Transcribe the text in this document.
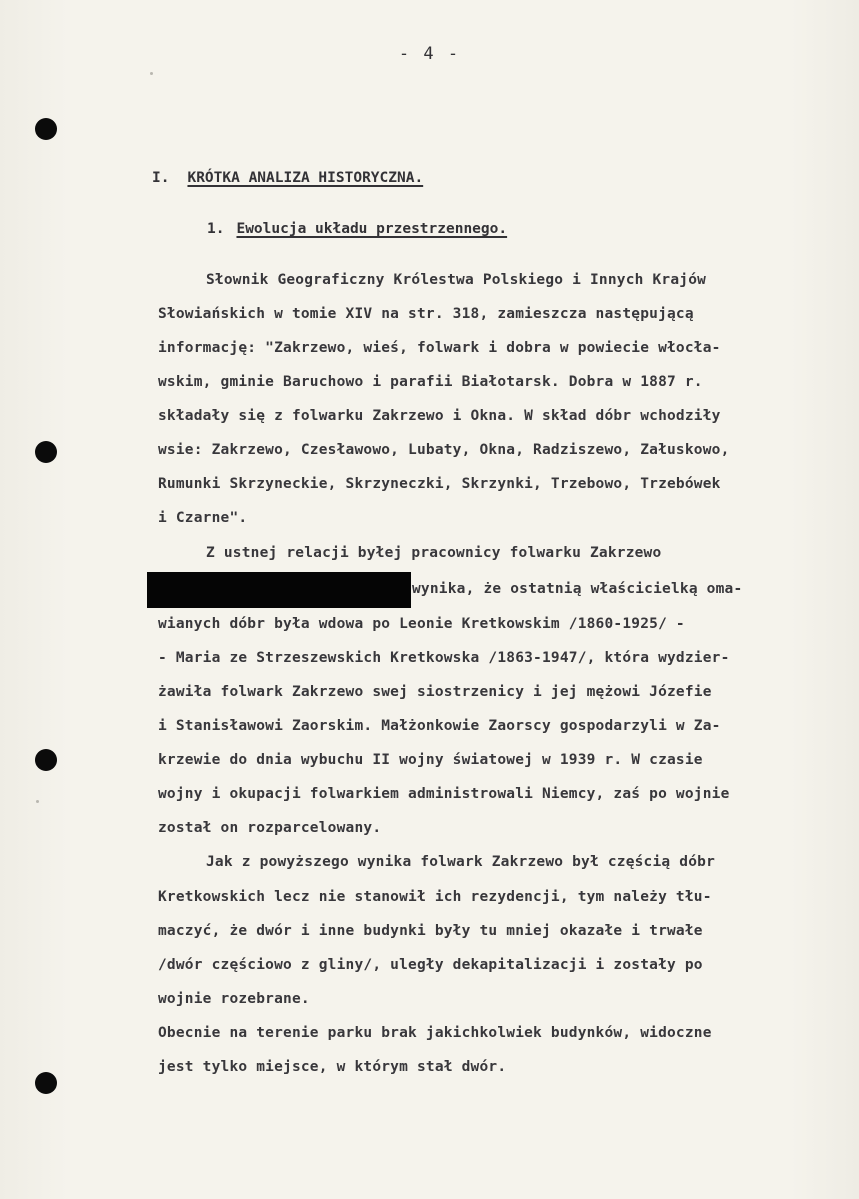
- 4 -
I. KRÓTKA ANALIZA HISTORYCZNA.
1. Ewolucja układu przestrzennego.
Słownik Geograficzny Królestwa Polskiego i Innych Krajów
Słowiańskich w tomie XIV na str. 318, zamieszcza następującą
informację: "Zakrzewo, wieś, folwark i dobra w powiecie włocła-
wskim, gminie Baruchowo i parafii Białotarsk. Dobra w 1887 r.
składały się z folwarku Zakrzewo i Okna. W skład dóbr wchodziły
wsie: Zakrzewo, Czesławowo, Lubaty, Okna, Radziszewo, Załuskowo,
Rumunki Skrzyneckie, Skrzyneczki, Skrzynki, Trzebowo, Trzebówek
i Czarne".
Z ustnej relacji byłej pracownicy folwarku Zakrzewo
wynika, że ostatnią właścicielką oma-
wianych dóbr była wdowa po Leonie Kretkowskim /1860-1925/ -
- Maria ze Strzeszewskich Kretkowska /1863-1947/, która wydzier-
żawiła folwark Zakrzewo swej siostrzenicy i jej mężowi Józefie
i Stanisławowi Zaorskim. Małżonkowie Zaorscy gospodarzyli w Za-
krzewie do dnia wybuchu II wojny światowej w 1939 r. W czasie
wojny i okupacji folwarkiem administrowali Niemcy, zaś po wojnie
został on rozparcelowany.
Jak z powyższego wynika folwark Zakrzewo był częścią dóbr
Kretkowskich lecz nie stanowił ich rezydencji, tym należy tłu-
maczyć, że dwór i inne budynki były tu mniej okazałe i trwałe
/dwór częściowo z gliny/, uległy dekapitalizacji i zostały po
wojnie rozebrane.
Obecnie na terenie parku brak jakichkolwiek budynków, widoczne
jest tylko miejsce, w którym stał dwór.
